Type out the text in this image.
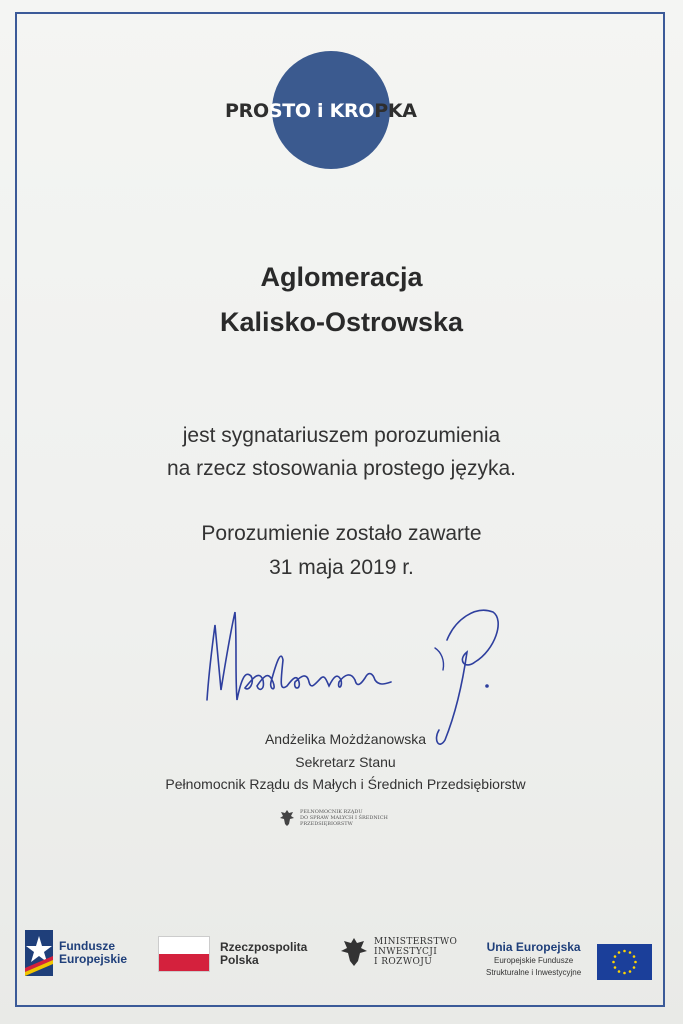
PROSTO i KROPKA
Aglomeracja
Kalisko-Ostrowska
jest sygnatariuszem porozumienia
na rzecz stosowania prostego języka.
Porozumienie zostało zawarte
31 maja 2019 r.
Andżelika Możdżanowska
Sekretarz Stanu
Pełnomocnik Rządu ds Małych i Średnich Przedsiębiorstw
PEŁNOMOCNIK RZĄDU
DO SPRAW MAŁYCH I ŚREDNICH
PRZEDSIĘBIORSTW
Fundusze
Europejskie
Rzeczpospolita
Polska
MINISTERSTWO
INWESTYCJI
I ROZWOJU
Unia Europejska
Europejskie Fundusze
Strukturalne i Inwestycyjne
